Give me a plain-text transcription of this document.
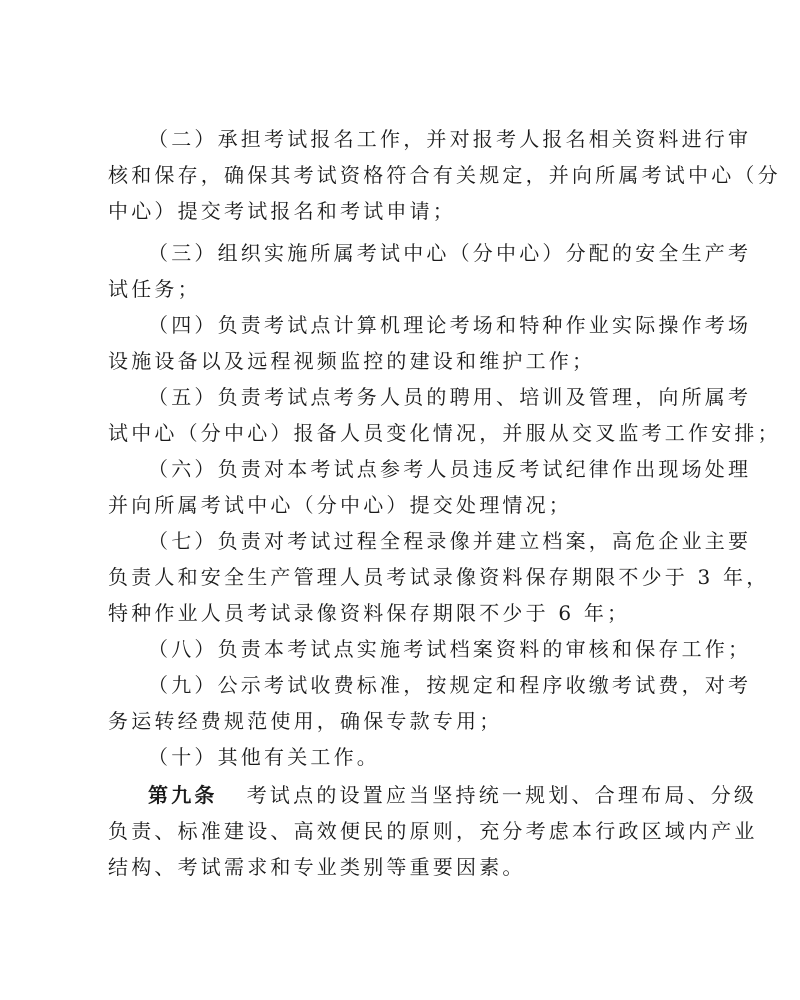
（二）承担考试报名工作，并对报考人报名相关资料进行审
核和保存，确保其考试资格符合有关规定，并向所属考试中心（分
中心）提交考试报名和考试申请；
（三）组织实施所属考试中心（分中心）分配的安全生产考
试任务；
（四）负责考试点计算机理论考场和特种作业实际操作考场
设施设备以及远程视频监控的建设和维护工作；
（五）负责考试点考务人员的聘用、培训及管理，向所属考
试中心（分中心）报备人员变化情况，并服从交叉监考工作安排；
（六）负责对本考试点参考人员违反考试纪律作出现场处理
并向所属考试中心（分中心）提交处理情况；
（七）负责对考试过程全程录像并建立档案，高危企业主要
负责人和安全生产管理人员考试录像资料保存期限不少于 3 年，
特种作业人员考试录像资料保存期限不少于 6 年；
（八）负责本考试点实施考试档案资料的审核和保存工作；
（九）公示考试收费标准，按规定和程序收缴考试费，对考
务运转经费规范使用，确保专款专用；
（十）其他有关工作。
第九条 考试点的设置应当坚持统一规划、合理布局、分级
负责、标准建设、高效便民的原则，充分考虑本行政区域内产业
结构、考试需求和专业类别等重要因素。
